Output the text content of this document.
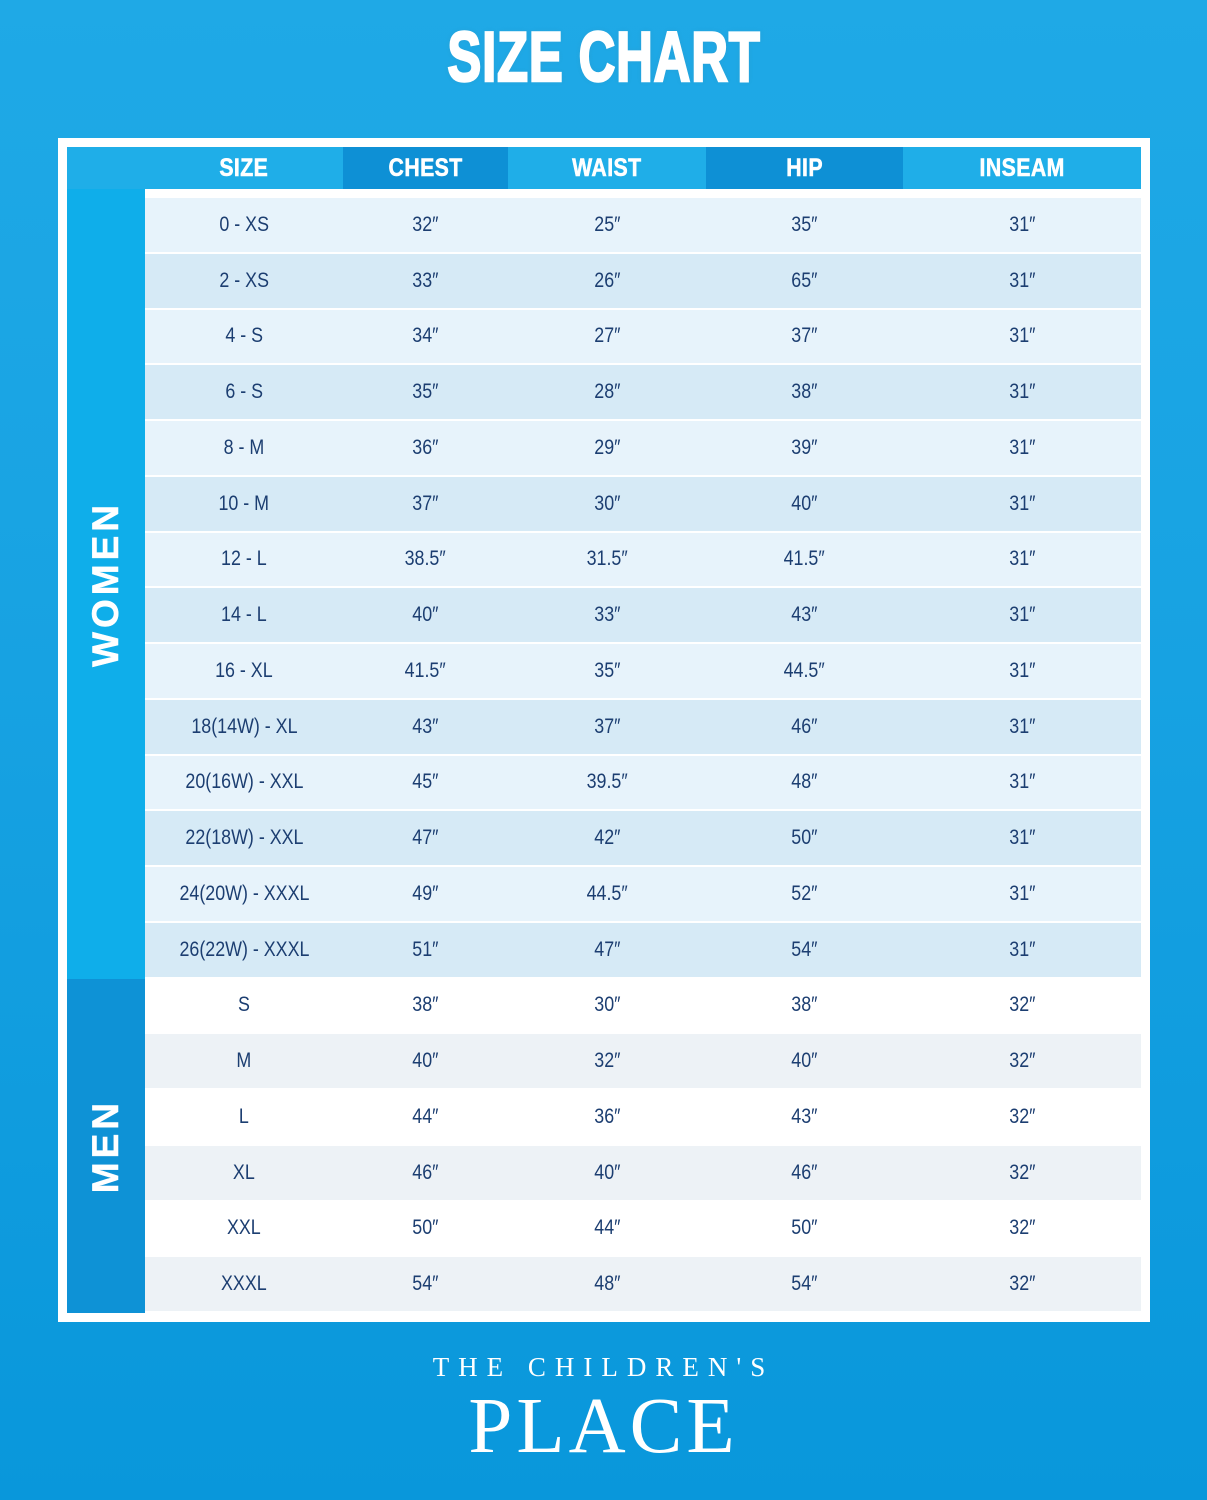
SIZE CHART
SIZE	CHEST	WAIST	HIP	INSEAM
WOMEN
MEN
0 - XS	32″	25″	35″	31″
2 - XS	33″	26″	65″	31″
4 - S	34″	27″	37″	31″
6 - S	35″	28″	38″	31″
8 - M	36″	29″	39″	31″
10 - M	37″	30″	40″	31″
12 - L	38.5″	31.5″	41.5″	31″
14 - L	40″	33″	43″	31″
16 - XL	41.5″	35″	44.5″	31″
18(14W) - XL	43″	37″	46″	31″
20(16W) - XXL	45″	39.5″	48″	31″
22(18W) - XXL	47″	42″	50″	31″
24(20W) - XXXL	49″	44.5″	52″	31″
26(22W) - XXXL	51″	47″	54″	31″
S	38″	30″	38″	32″
M	40″	32″	40″	32″
L	44″	36″	43″	32″
XL	46″	40″	46″	32″
XXL	50″	44″	50″	32″
XXXL	54″	48″	54″	32″
THE CHILDREN'S
PLACE
